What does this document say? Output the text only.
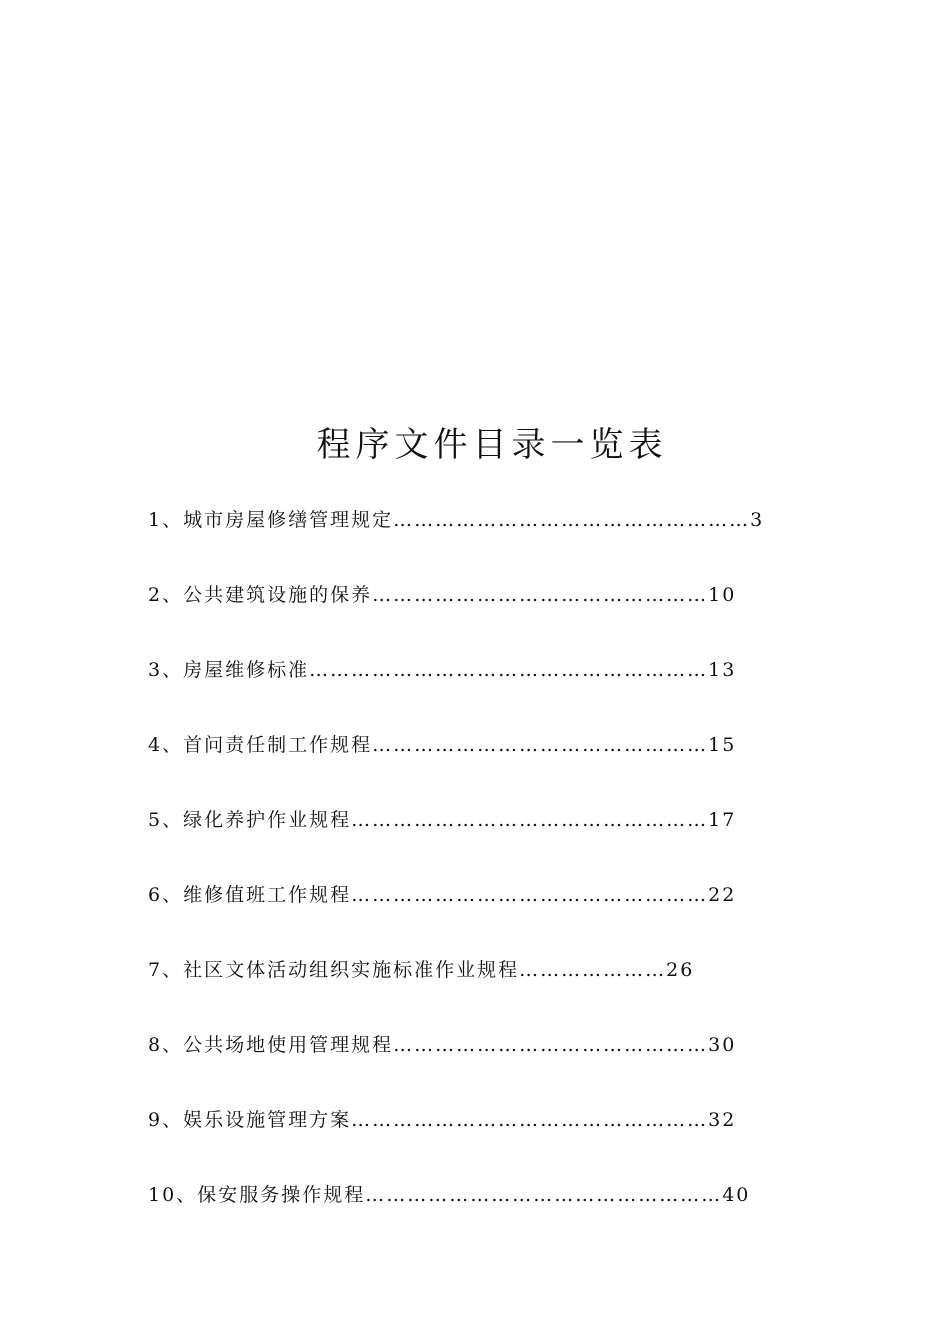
程序文件目录一览表
1、城市房屋修缮管理规定……………………………………………3
2、公共建筑设施的保养…………………………………………10
3、房屋维修标准…………………………………………………13
4、首问责任制工作规程…………………………………………15
5、绿化养护作业规程……………………………………………17
6、维修值班工作规程……………………………………………22
7、社区文体活动组织实施标准作业规程…………………26
8、公共场地使用管理规程………………………………………30
9、娱乐设施管理方案……………………………………………32
10、保安服务操作规程……………………………………………40
